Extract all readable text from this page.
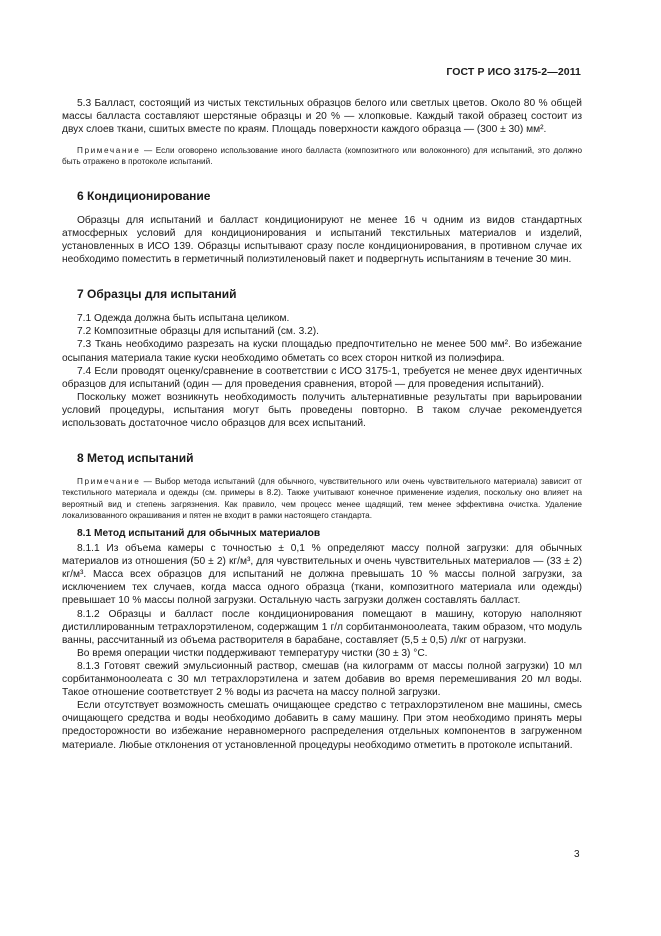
ГОСТ Р ИСО 3175-2—2011

5.3 Балласт, состоящий из чистых текстильных образцов белого или светлых цветов. Около 80 % общей массы балласта составляют шерстяные образцы и 20 % — хлопковые. Каждый такой образец состоит из двух слоев ткани, сшитых вместе по краям. Площадь поверхности каждого образца — (300 ± 30) мм².

Примечание — Если оговорено использование иного балласта (композитного или волоконного) для испытаний, это должно быть отражено в протоколе испытаний.

6 Кондиционирование

Образцы для испытаний и балласт кондиционируют не менее 16 ч одним из видов стандартных атмосферных условий для кондиционирования и испытаний текстильных материалов и изделий, установленных в ИСО 139. Образцы испытывают сразу после кондиционирования, в противном случае их необходимо поместить в герметичный полиэтиленовый пакет и подвергнуть испытаниям в течение 30 мин.

7 Образцы для испытаний

7.1 Одежда должна быть испытана целиком.

7.2 Композитные образцы для испытаний (см. 3.2).

7.3 Ткань необходимо разрезать на куски площадью предпочтительно не менее 500 мм². Во избежание осыпания материала такие куски необходимо обметать со всех сторон ниткой из полиэфира.

7.4 Если проводят оценку/сравнение в соответствии с ИСО 3175-1, требуется не менее двух идентичных образцов для испытаний (один — для проведения сравнения, второй — для проведения испытаний).

Поскольку может возникнуть необходимость получить альтернативные результаты при варьировании условий процедуры, испытания могут быть проведены повторно. В таком случае рекомендуется использовать достаточное число образцов для всех испытаний.

8 Метод испытаний

Примечание — Выбор метода испытаний (для обычного, чувствительного или очень чувствительного материала) зависит от текстильного материала и одежды (см. примеры в 8.2). Также учитывают конечное применение изделия, поскольку оно влияет на вероятный вид и степень загрязнения. Как правило, чем процесс менее щадящий, тем менее эффективна очистка. Удаление локализованного окрашивания и пятен не входит в рамки настоящего стандарта.

8.1 Метод испытаний для обычных материалов

8.1.1 Из объема камеры с точностью ± 0,1 % определяют массу полной загрузки: для обычных материалов из отношения (50 ± 2) кг/м³, для чувствительных и очень чувствительных материалов — (33 ± 2) кг/м³. Масса всех образцов для испытаний не должна превышать 10 % массы полной загрузки, за исключением тех случаев, когда масса одного образца (ткани, композитного материала или одежды) превышает 10 % массы полной загрузки. Остальную часть загрузки должен составлять балласт.

8.1.2 Образцы и балласт после кондиционирования помещают в машину, которую наполняют дистиллированным тетрахлорэтиленом, содержащим 1 г/л сорбитанмоноолеата, таким образом, что модуль ванны, рассчитанный из объема растворителя в барабане, составляет (5,5 ± 0,5) л/кг от нагрузки.

Во время операции чистки поддерживают температуру чистки (30 ± 3) °С.

8.1.3 Готовят свежий эмульсионный раствор, смешав (на килограмм от массы полной загрузки) 10 мл сорбитанмоноолеата с 30 мл тетрахлорэтилена и затем добавив во время перемешивания 20 мл воды. Такое отношение соответствует 2 % воды из расчета на массу полной загрузки.

Если отсутствует возможность смешать очищающее средство с тетрахлорэтиленом вне машины, смесь очищающего средства и воды необходимо добавить в саму машину. При этом необходимо принять меры предосторожности во избежание неравномерного распределения отдельных компонентов в загруженном материале. Любые отклонения от установленной процедуры необходимо отметить в протоколе испытаний.

3
